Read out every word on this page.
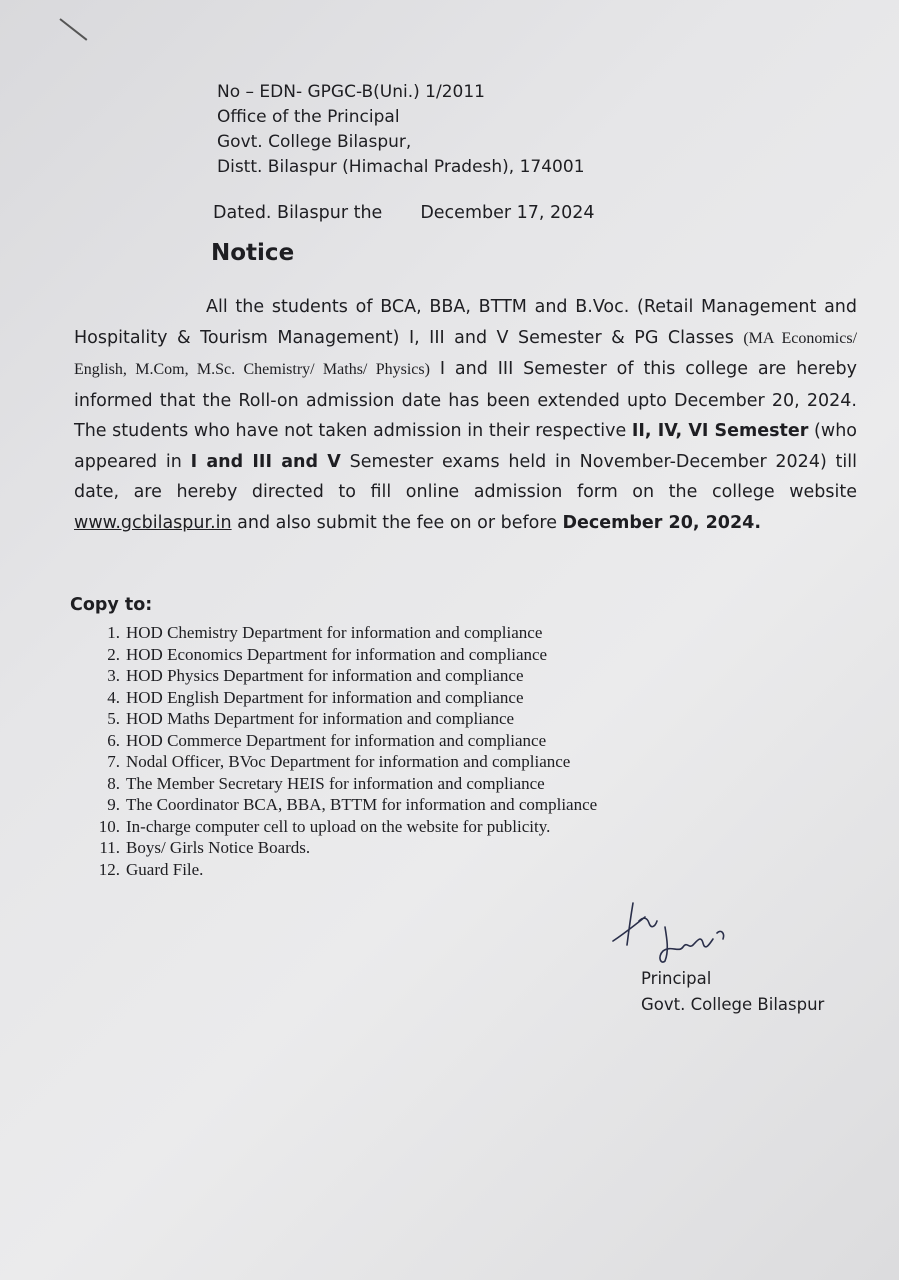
No – EDN- GPGC-B(Uni.) 1/2011
Office of the Principal
Govt. College Bilaspur,
Distt. Bilaspur (Himachal Pradesh), 174001
Dated. Bilaspur the December 17, 2024
Notice
All the students of BCA, BBA, BTTM and B.Voc. (Retail Management and Hospitality & Tourism Management) I, III and V Semester & PG Classes (MA Economics/ English, M.Com, M.Sc. Chemistry/ Maths/ Physics) I and III Semester of this college are hereby informed that the Roll-on admission date has been extended upto December 20, 2024. The students who have not taken admission in their respective II, IV, VI Semester (who appeared in I and III and V Semester exams held in November-December 2024) till date, are hereby directed to fill online admission form on the college website www.gcbilaspur.in and also submit the fee on or before December 20, 2024.
Copy to:
1. HOD Chemistry Department for information and compliance
2. HOD Economics Department for information and compliance
3. HOD Physics Department for information and compliance
4. HOD English Department for information and compliance
5. HOD Maths Department for information and compliance
6. HOD Commerce Department for information and compliance
7. Nodal Officer, BVoc Department for information and compliance
8. The Member Secretary HEIS for information and compliance
9. The Coordinator BCA, BBA, BTTM for information and compliance
10. In-charge computer cell to upload on the website for publicity.
11. Boys/ Girls Notice Boards.
12. Guard File.
Principal
Govt. College Bilaspur
